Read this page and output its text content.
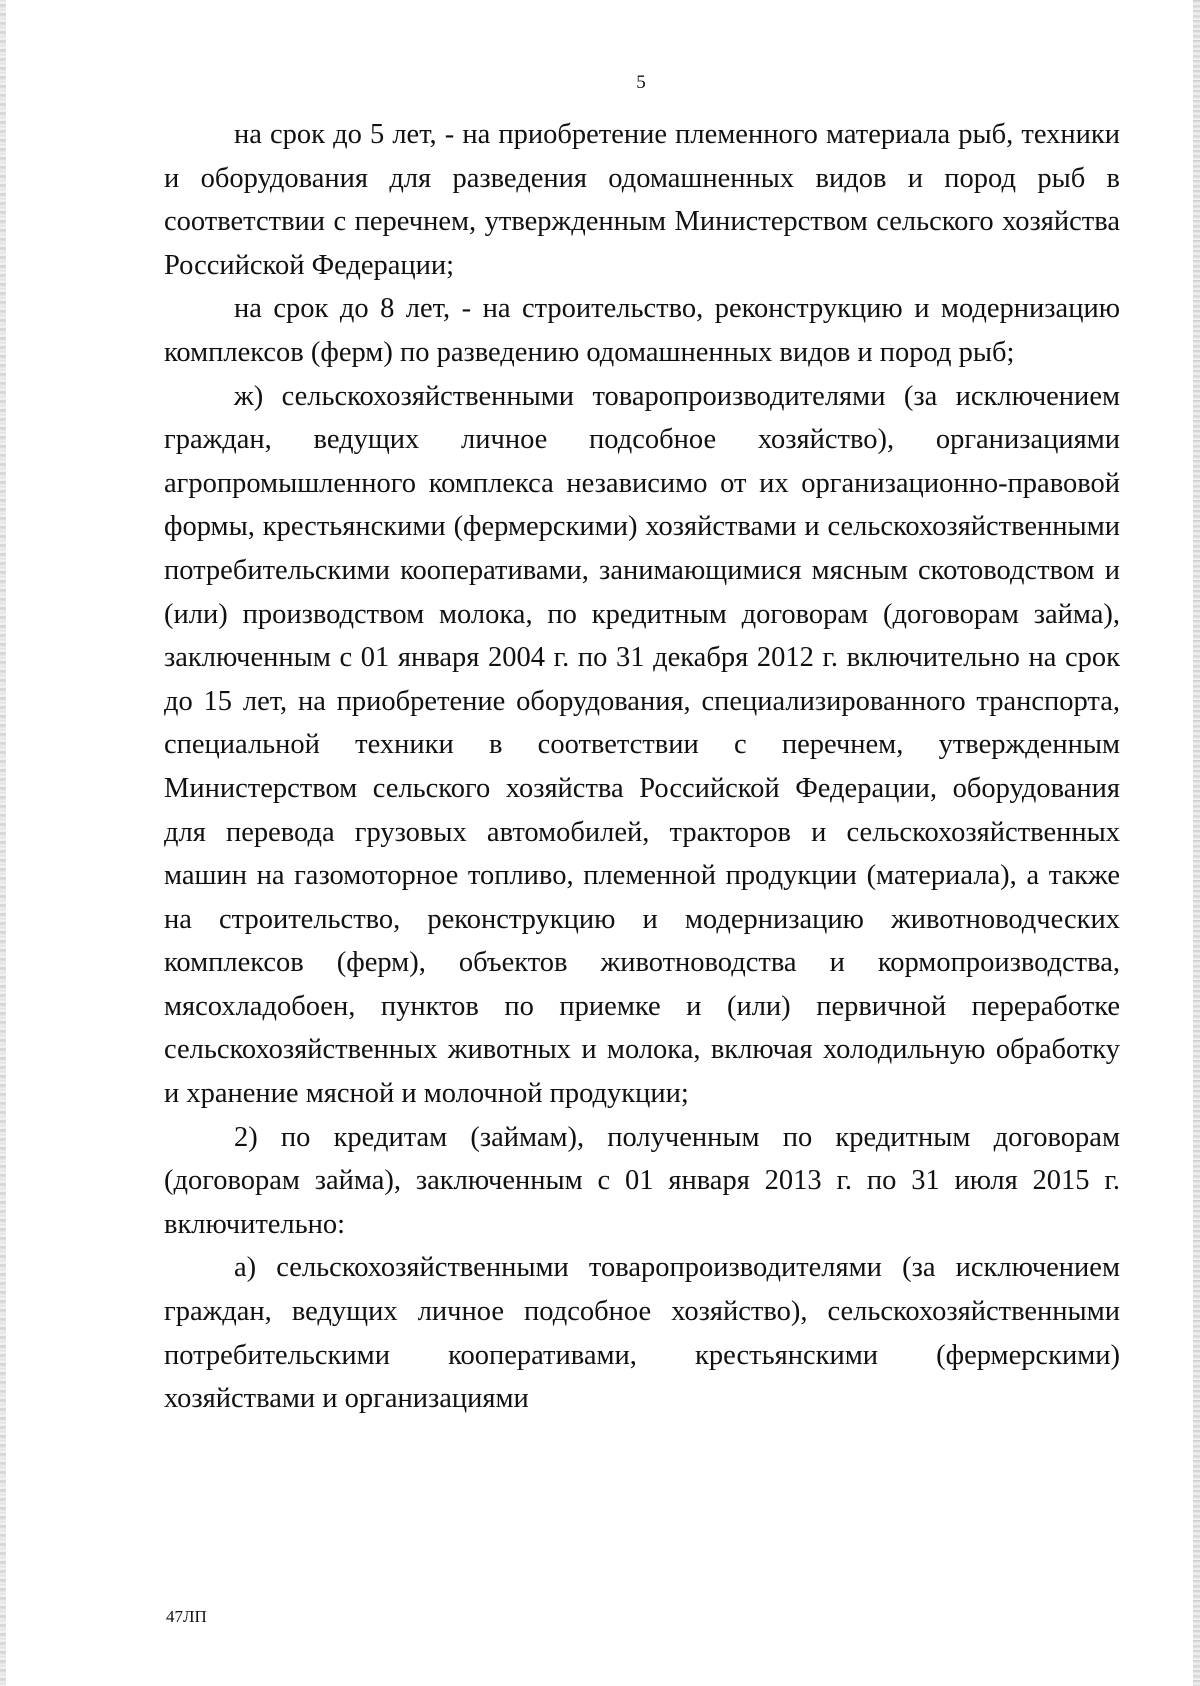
5

на срок до 5 лет, - на приобретение племенного материала рыб, техники и оборудования для разведения одомашненных видов и пород рыб в соответствии с перечнем, утвержденным Министерством сельского хозяйства Российской Федерации;

на срок до 8 лет, - на строительство, реконструкцию и модернизацию комплексов (ферм) по разведению одомашненных видов и пород рыб;

ж) сельскохозяйственными товаропроизводителями (за исключением граждан, ведущих личное подсобное хозяйство), организациями агропромышленного комплекса независимо от их организационно-правовой формы, крестьянскими (фермерскими) хозяйствами и сельскохозяйственными потребительскими кооперативами, занимающимися мясным скотоводством и (или) производством молока, по кредитным договорам (договорам займа), заключенным с 01 января 2004 г. по 31 декабря 2012 г. включительно на срок до 15 лет, на приобретение оборудования, специализированного транспорта, специальной техники в соответствии с перечнем, утвержденным Министерством сельского хозяйства Российской Федерации, оборудования для перевода грузовых автомобилей, тракторов и сельскохозяйственных машин на газомоторное топливо, племенной продукции (материала), а также на строительство, реконструкцию и модернизацию животноводческих комплексов (ферм), объектов животноводства и кормопроизводства, мясохладобоен, пунктов по приемке и (или) первичной переработке сельскохозяйственных животных и молока, включая холодильную обработку и хранение мясной и молочной продукции;

2) по кредитам (займам), полученным по кредитным договорам (договорам займа), заключенным с 01 января 2013 г. по 31 июля 2015 г. включительно:

а) сельскохозяйственными товаропроизводителями (за исключением граждан, ведущих личное подсобное хозяйство), сельскохозяйственными потребительскими кооперативами, крестьянскими (фермерскими) хозяйствами и организациями

47ЛП
